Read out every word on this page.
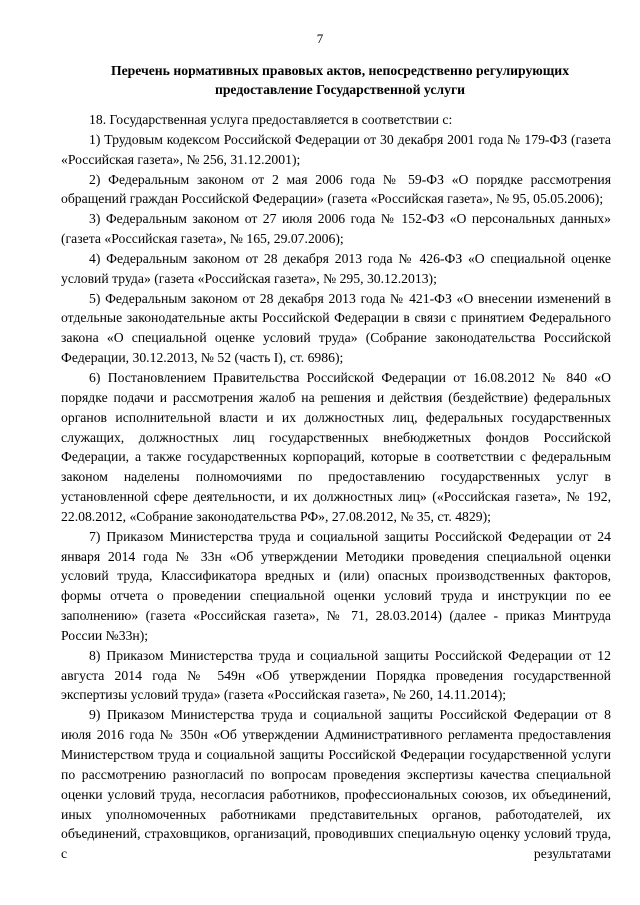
7
Перечень нормативных правовых актов, непосредственно регулирующих
предоставление Государственной услуги

18. Государственная услуга предоставляется в соответствии с:

1) Трудовым кодексом Российской Федерации от 30 декабря 2001 года № 179-ФЗ (газета «Российская газета», № 256, 31.12.2001);

2) Федеральным законом от 2 мая 2006 года № 59-ФЗ «О порядке рассмотрения обращений граждан Российской Федерации» (газета «Российская газета», № 95, 05.05.2006);

3) Федеральным законом от 27 июля 2006 года № 152-ФЗ «О персональных данных» (газета «Российская газета», № 165, 29.07.2006);

4) Федеральным законом от 28 декабря 2013 года № 426-ФЗ «О специальной оценке условий труда» (газета «Российская газета», № 295, 30.12.2013);

5) Федеральным законом от 28 декабря 2013 года № 421-ФЗ «О внесении изменений в отдельные законодательные акты Российской Федерации в связи с принятием Федерального закона «О специальной оценке условий труда» (Собрание законодательства Российской Федерации, 30.12.2013, № 52 (часть I), ст. 6986);

6) Постановлением Правительства Российской Федерации от 16.08.2012 № 840 «О порядке подачи и рассмотрения жалоб на решения и действия (бездействие) федеральных органов исполнительной власти и их должностных лиц, федеральных государственных служащих, должностных лиц государственных внебюджетных фондов Российской Федерации, а также государственных корпораций, которые в соответствии с федеральным законом наделены полномочиями по предоставлению государственных услуг в установленной сфере деятельности, и их должностных лиц» («Российская газета», № 192, 22.08.2012, «Собрание законодательства РФ», 27.08.2012, № 35, ст. 4829);

7) Приказом Министерства труда и социальной защиты Российской Федерации от 24 января 2014 года № 33н «Об утверждении Методики проведения специальной оценки условий труда, Классификатора вредных и (или) опасных производственных факторов, формы отчета о проведении специальной оценки условий труда и инструкции по ее заполнению» (газета «Российская газета», № 71, 28.03.2014) (далее - приказ Минтруда России №33н);

8) Приказом Министерства труда и социальной защиты Российской Федерации от 12 августа 2014 года № 549н «Об утверждении Порядка проведения государственной экспертизы условий труда» (газета «Российская газета», № 260, 14.11.2014);

9) Приказом Министерства труда и социальной защиты Российской Федерации от 8 июля 2016 года № 350н «Об утверждении Административного регламента предоставления Министерством труда и социальной защиты Российской Федерации государственной услуги по рассмотрению разногласий по вопросам проведения экспертизы качества специальной оценки условий труда, несогласия работников, профессиональных союзов, их объединений, иных уполномоченных работниками представительных органов, работодателей, их объединений, страховщиков, организаций, проводивших специальную оценку условий труда, с результатами
